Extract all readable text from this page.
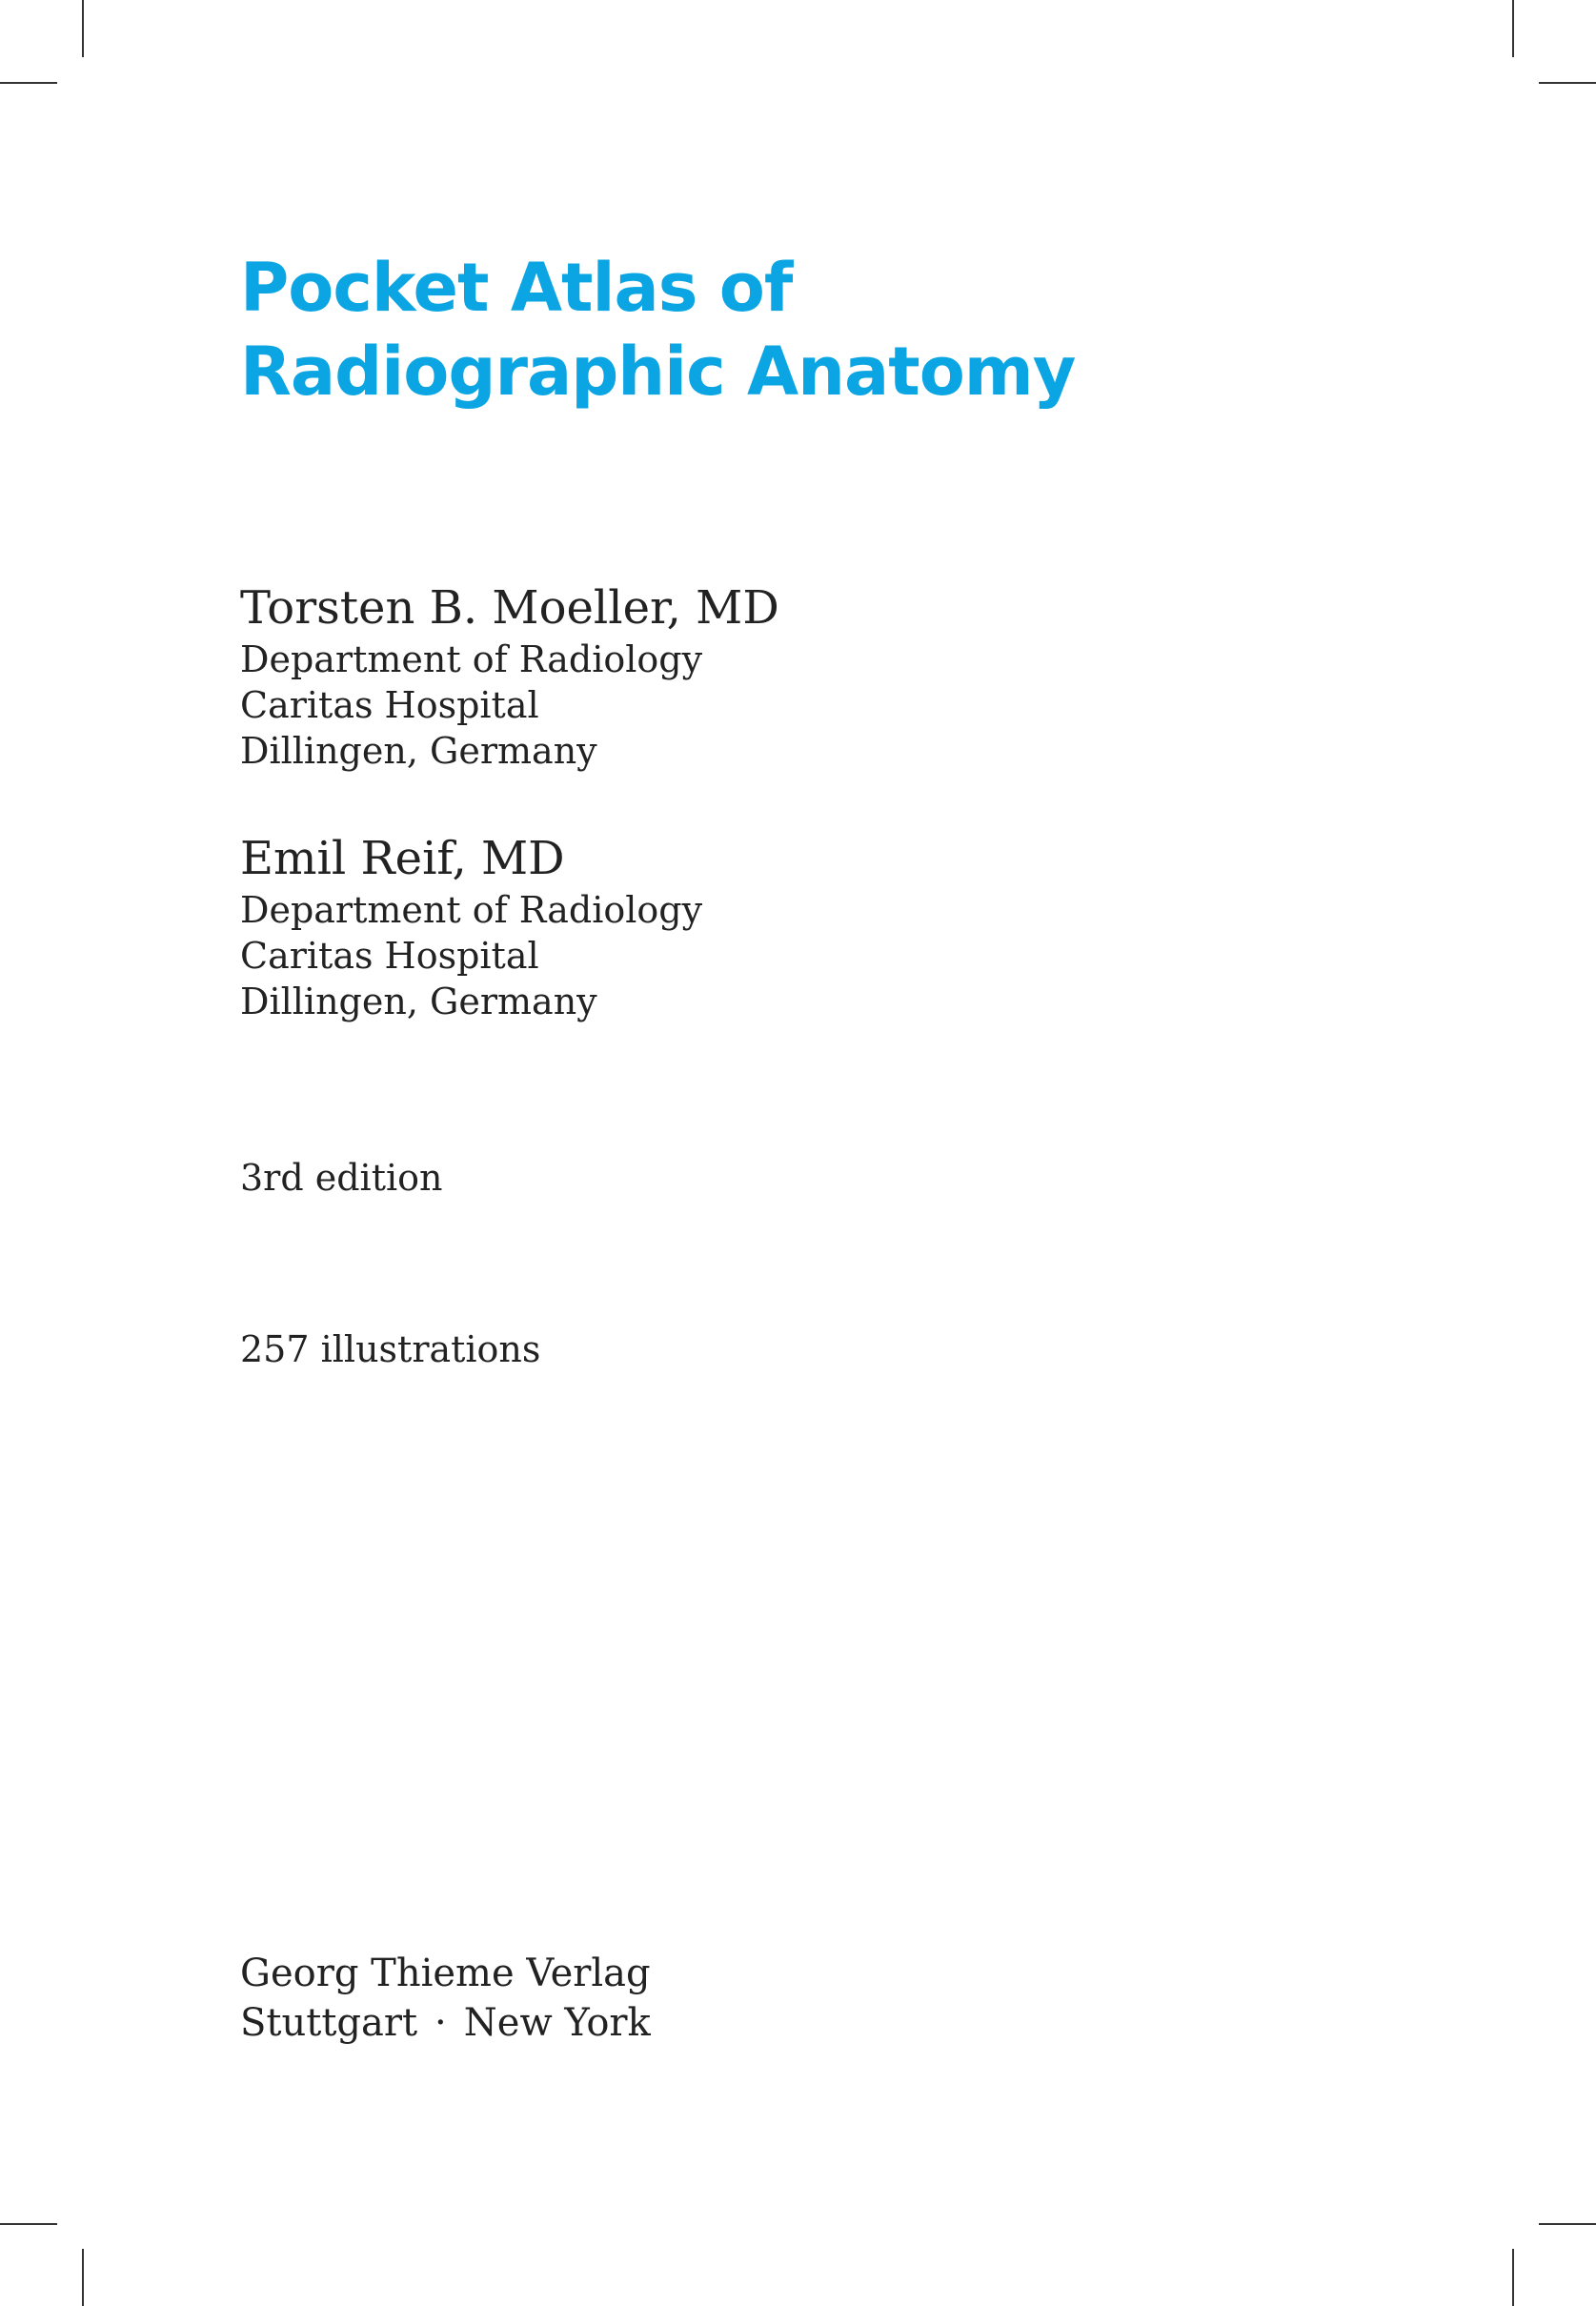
Pocket Atlas of
Radiographic Anatomy
Torsten B. Moeller, MD
Department of Radiology
Caritas Hospital
Dillingen, Germany
Emil Reif, MD
Department of Radiology
Caritas Hospital
Dillingen, Germany
3rd edition
257 illustrations
Georg Thieme Verlag
Stuttgart · New York
